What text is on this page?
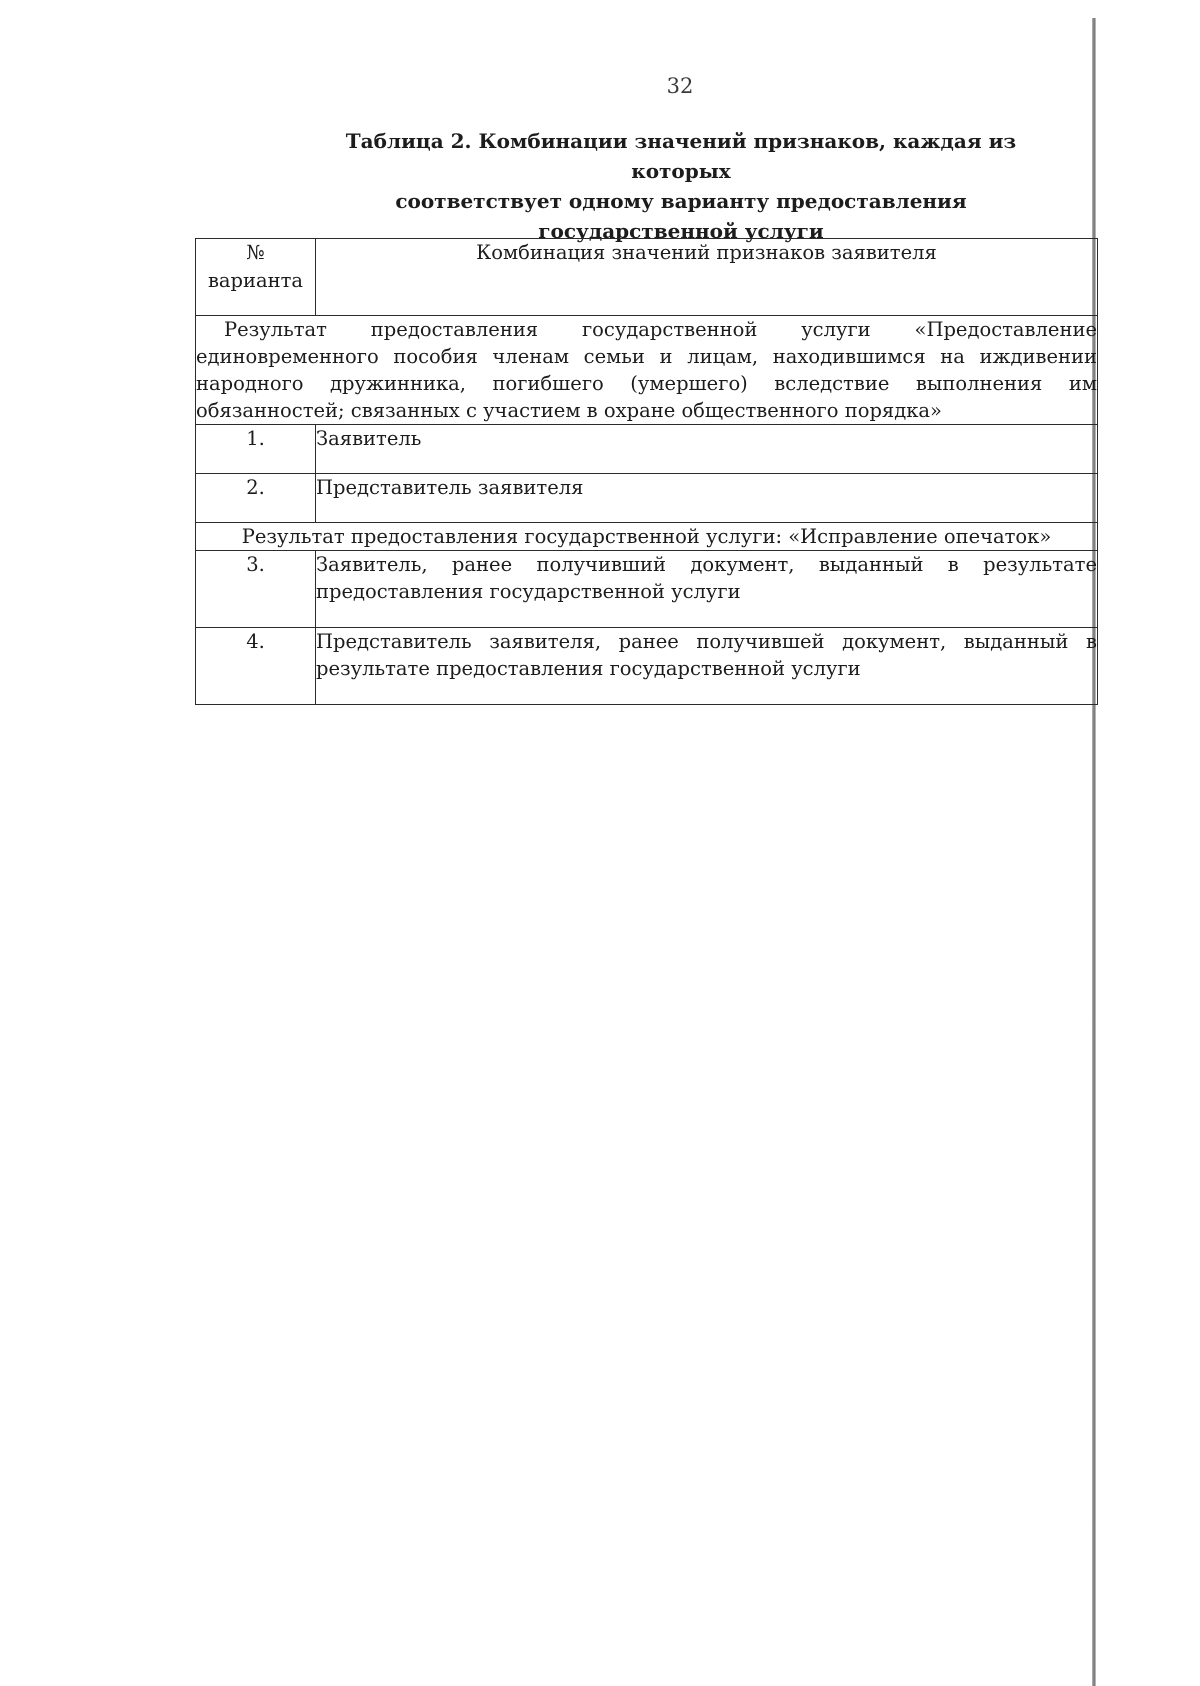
32
Таблица 2. Комбинации значений признаков, каждая из которых
соответствует одному варианту предоставления
государственной услуги
№
варианта	Комбинация значений признаков заявителя

Результат предоставления государственной услуги «Предоставление единовременного пособия членам семьи и лицам, находившимся на иждивении народного дружинника, погибшего (умершего) вследствие выполнения им обязанностей; связанных с участием в охране общественного порядка»	

1.	Заявитель
2.	Представитель заявителя
Результат предоставления государственной услуги: «Исправление опечаток»	
3.	Заявитель, ранее получивший документ, выданный в результате предоставления государственной услуги
4.	Представитель заявителя, ранее получившей документ, выданный в результате предоставления государственной услуги
